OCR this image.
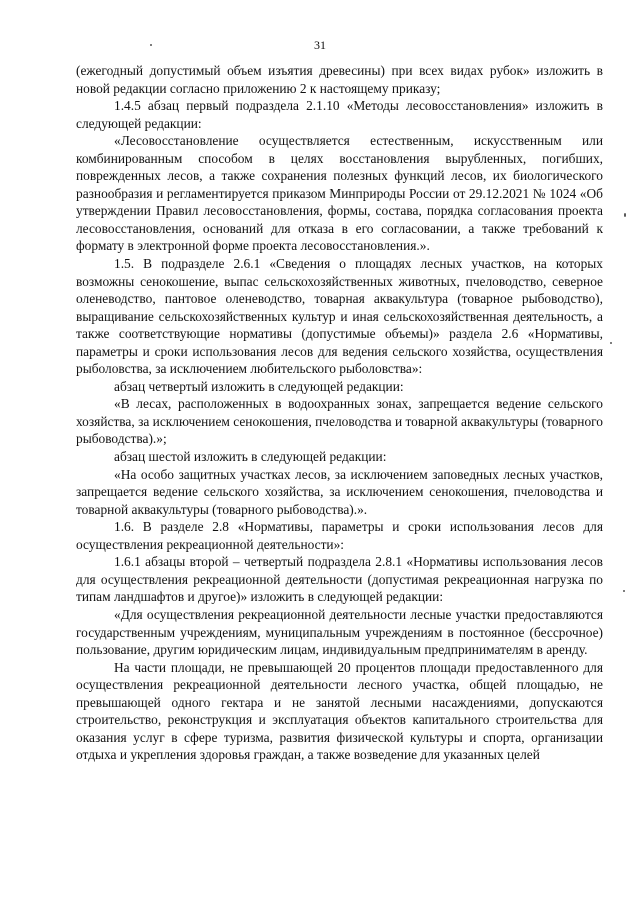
31

(ежегодный допустимый объем изъятия древесины) при всех видах рубок» изложить в новой редакции согласно приложению 2 к настоящему приказу;

1.4.5 абзац первый подраздела 2.1.10 «Методы лесовосстановления» изложить в следующей редакции:

«Лесовосстановление осуществляется естественным, искусственным или комбинированным способом в целях восстановления вырубленных, погибших, поврежденных лесов, а также сохранения полезных функций лесов, их биологического разнообразия и регламентируется приказом Минприроды России от 29.12.2021 № 1024 «Об утверждении Правил лесовосстановления, формы, состава, порядка согласования проекта лесовосстановления, оснований для отказа в его согласовании, а также требований к формату в электронной форме проекта лесовосстановления.».

1.5. В подразделе 2.6.1 «Сведения о площадях лесных участков, на которых возможны сенокошение, выпас сельскохозяйственных животных, пчеловодство, северное оленеводство, пантовое оленеводство, товарная аквакультура (товарное рыбоводство), выращивание сельскохозяйственных культур и иная сельскохозяйственная деятельность, а также соответствующие нормативы (допустимые объемы)» раздела 2.6 «Нормативы, параметры и сроки использования лесов для ведения сельского хозяйства, осуществления рыболовства, за исключением любительского рыболовства»:

абзац четвертый изложить в следующей редакции:

«В лесах, расположенных в водоохранных зонах, запрещается ведение сельского хозяйства, за исключением сенокошения, пчеловодства и товарной аквакультуры (товарного рыбоводства).»;

абзац шестой изложить в следующей редакции:

«На особо защитных участках лесов, за исключением заповедных лесных участков, запрещается ведение сельского хозяйства, за исключением сенокошения, пчеловодства и товарной аквакультуры (товарного рыбоводства).».

1.6. В разделе 2.8 «Нормативы, параметры и сроки использования лесов для осуществления рекреационной деятельности»:

1.6.1 абзацы второй – четвертый подраздела 2.8.1 «Нормативы использования лесов для осуществления рекреационной деятельности (допустимая рекреационная нагрузка по типам ландшафтов и другое)» изложить в следующей редакции:

«Для осуществления рекреационной деятельности лесные участки предоставляются государственным учреждениям, муниципальным учреждениям в постоянное (бессрочное) пользование, другим юридическим лицам, индивидуальным предпринимателям в аренду.

На части площади, не превышающей 20 процентов площади предоставленного для осуществления рекреационной деятельности лесного участка, общей площадью, не превышающей одного гектара и не занятой лесными насаждениями, допускаются строительство, реконструкция и эксплуатация объектов капитального строительства для оказания услуг в сфере туризма, развития физической культуры и спорта, организации отдыха и укрепления здоровья граждан, а также возведение для указанных целей
